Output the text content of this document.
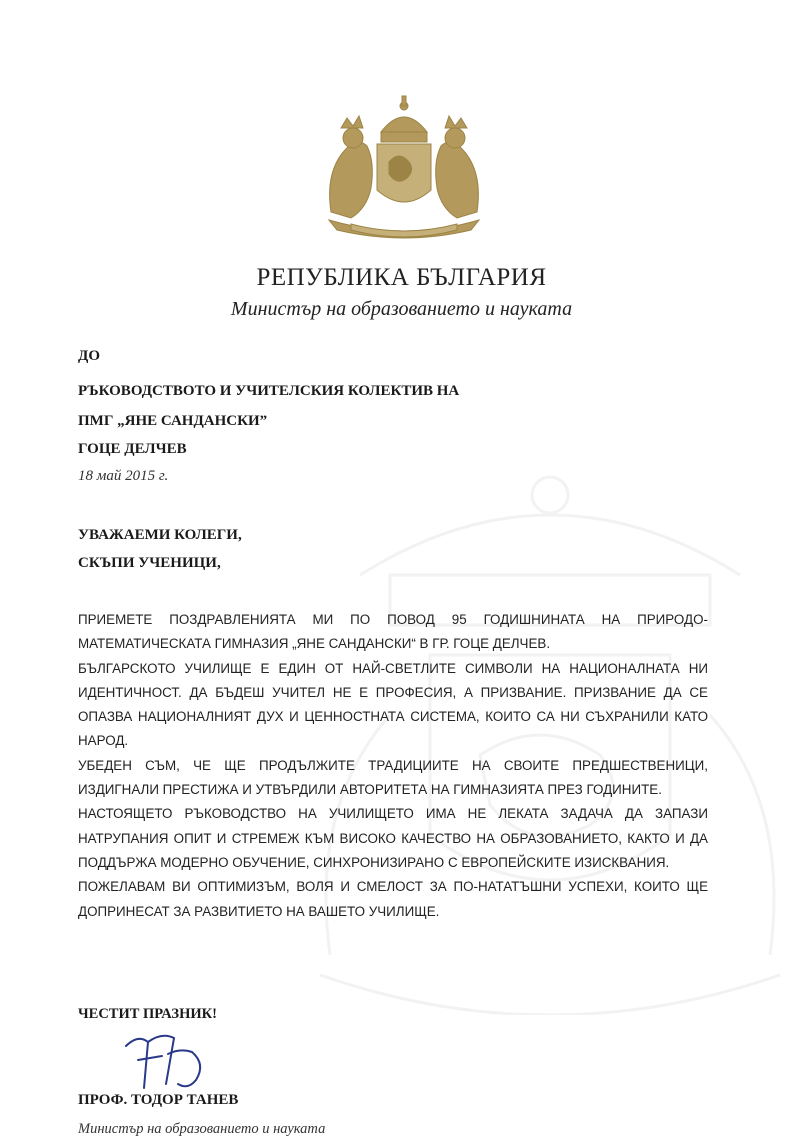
РЕПУБЛИКА БЪЛГАРИЯ
Министър на образованието и науката
ДО
РЪКОВОДСТВОТО И УЧИТЕЛСКИЯ КОЛЕКТИВ НА
ПМГ „ЯНЕ САНДАНСКИ”
ГОЦЕ ДЕЛЧЕВ
18 май 2015 г.
УВАЖАЕМИ КОЛЕГИ,
СКЪПИ УЧЕНИЦИ,

ПРИЕМЕТЕ ПОЗДРАВЛЕНИЯТА МИ ПО ПОВОД 95 ГОДИШНИНАТА НА ПРИРОДО-МАТЕМАТИЧЕСКАТА ГИМНАЗИЯ „ЯНЕ САНДАНСКИ“ В ГР. ГОЦЕ ДЕЛЧЕВ.

БЪЛГАРСКОТО УЧИЛИЩЕ Е ЕДИН ОТ НАЙ-СВЕТЛИТЕ СИМВОЛИ НА НАЦИОНАЛНАТА НИ ИДЕНТИЧНОСТ. ДА БЪДЕШ УЧИТЕЛ НЕ Е ПРОФЕСИЯ, А ПРИЗВАНИЕ. ПРИЗВАНИЕ ДА СЕ ОПАЗВА НАЦИОНАЛНИЯТ ДУХ И ЦЕННОСТНАТА СИСТЕМА, КОИТО СА НИ СЪХРАНИЛИ КАТО НАРОД.

УБЕДЕН СЪМ, ЧЕ ЩЕ ПРОДЪЛЖИТЕ ТРАДИЦИИТЕ НА СВОИТЕ ПРЕДШЕСТВЕНИЦИ, ИЗДИГНАЛИ ПРЕСТИЖА И УТВЪРДИЛИ АВТОРИТЕТА НА ГИМНАЗИЯТА ПРЕЗ ГОДИНИТЕ.

НАСТОЯЩЕТО РЪКОВОДСТВО НА УЧИЛИЩЕТО ИМА НЕ ЛЕКАТА ЗАДАЧА ДА ЗАПАЗИ НАТРУПАНИЯ ОПИТ И СТРЕМЕЖ КЪМ ВИСОКО КАЧЕСТВО НА ОБРАЗОВАНИЕТО, КАКТО И ДА ПОДДЪРЖА МОДЕРНО ОБУЧЕНИЕ, СИНХРОНИЗИРАНО С ЕВРОПЕЙСКИТЕ ИЗИСКВАНИЯ.

ПОЖЕЛАВАМ ВИ ОПТИМИЗЪМ, ВОЛЯ И СМЕЛОСТ ЗА ПО-НАТАТЪШНИ УСПЕХИ, КОИТО ЩЕ ДОПРИНЕСАТ ЗА РАЗВИТИЕТО НА ВАШЕТО УЧИЛИЩЕ.

ЧЕСТИТ ПРАЗНИК!
ПРОФ. ТОДОР ТАНЕВ
Министър на образованието и науката
